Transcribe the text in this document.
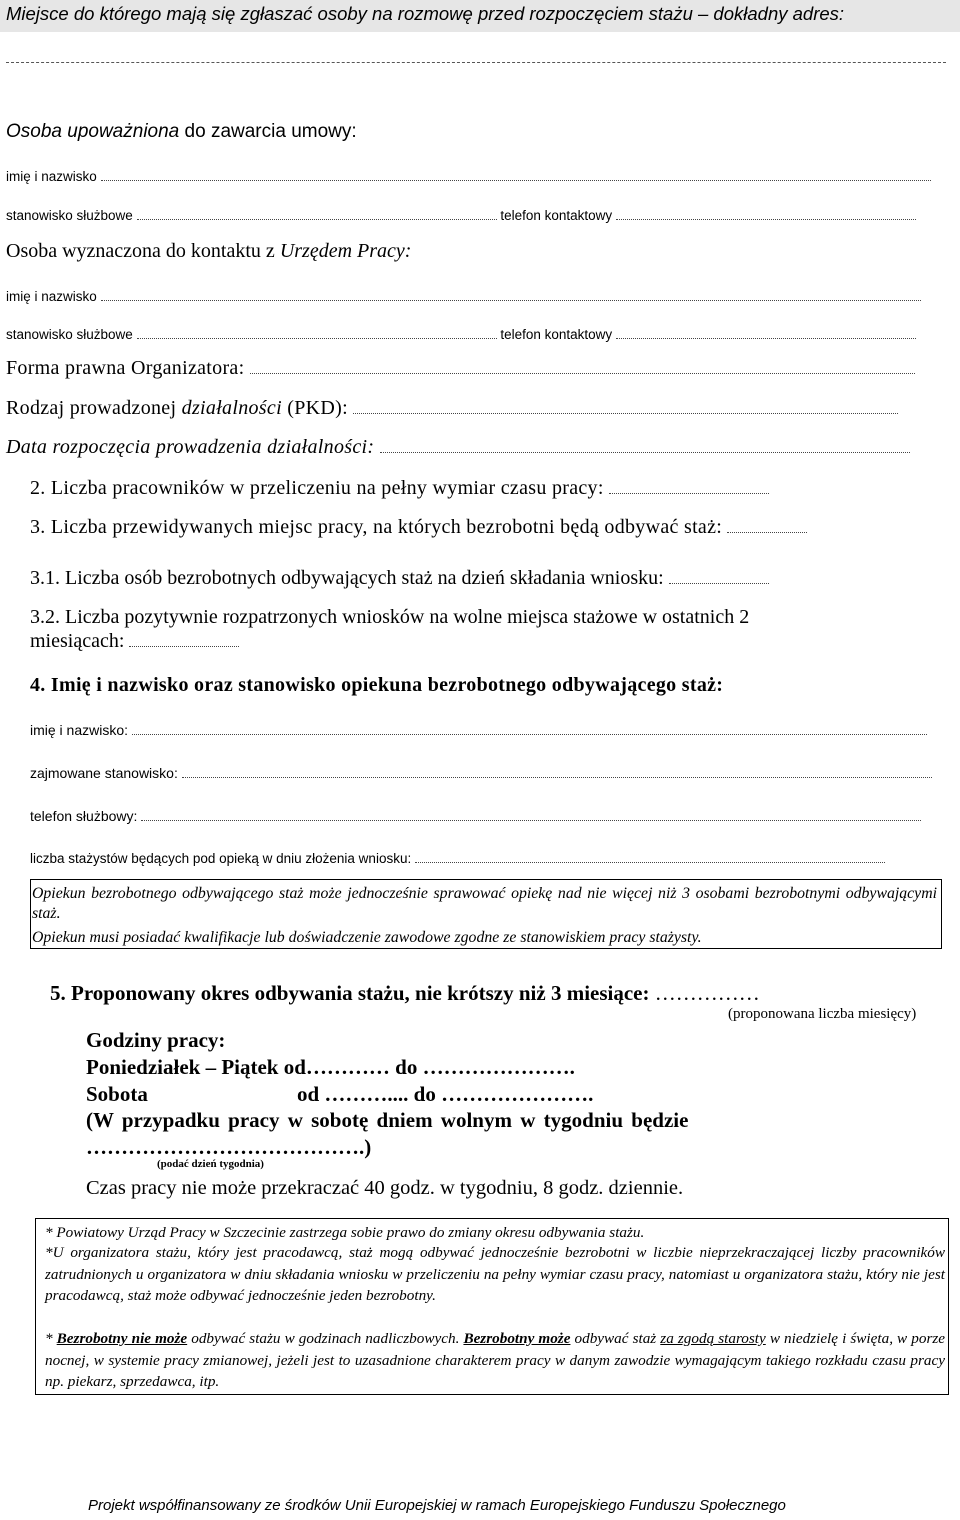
Miejsce do którego mają się zgłaszać osoby na rozmowę przed rozpoczęciem stażu – dokładny adres:
Osoba upoważniona do zawarcia umowy:
imię i nazwisko
stanowisko służbowe	telefon kontaktowy
Osoba wyznaczona do kontaktu z Urzędem Pracy:
imię i nazwisko
stanowisko służbowe	telefon kontaktowy
Forma prawna Organizatora:
Rodzaj prowadzonej działalności (PKD):
Data rozpoczęcia prowadzenia działalności:
2. Liczba pracowników w przeliczeniu na pełny wymiar czasu pracy:
3. Liczba przewidywanych miejsc pracy, na których bezrobotni będą odbywać staż:
3.1. Liczba osób bezrobotnych odbywających staż na dzień składania wniosku:
3.2. Liczba pozytywnie rozpatrzonych wniosków na wolne miejsca stażowe w ostatnich 2
miesiącach:
4. Imię i nazwisko oraz stanowisko opiekuna bezrobotnego odbywającego staż:
imię i nazwisko:
zajmowane stanowisko:
telefon służbowy:
liczba stażystów będących pod opieką w dniu złożenia wniosku:
Opiekun bezrobotnego odbywającego staż może jednocześnie sprawować opiekę nad nie więcej niż 3 osobami bezrobotnymi odbywającymi staż.
Opiekun musi posiadać kwalifikacje lub doświadczenie zawodowe zgodne ze stanowiskiem pracy stażysty.
5. Proponowany okres odbywania stażu, nie krótszy niż 3 miesiące: ……………
(proponowana liczba miesięcy)
Godziny pracy:
Poniedziałek – Piątek od………… do ………………….
Sobota	od ……….... do ………………….
(W przypadku pracy w sobotę dniem wolnym w tygodniu będzie
………………………………….)
(podać dzień tygodnia)
Czas pracy nie może przekraczać 40 godz. w tygodniu, 8 godz. dziennie.
* Powiatowy Urząd Pracy w Szczecinie zastrzega sobie prawo do zmiany okresu odbywania stażu.
*U organizatora stażu, który jest pracodawcą, staż mogą odbywać jednocześnie bezrobotni w liczbie nieprzekraczającej liczby pracowników zatrudnionych u organizatora w dniu składania wniosku w przeliczeniu na pełny wymiar czasu pracy, natomiast u organizatora stażu, który nie jest pracodawcą, staż może odbywać jednocześnie jeden bezrobotny.
* Bezrobotny nie może odbywać stażu w godzinach nadliczbowych. Bezrobotny może odbywać staż za zgodą starosty w niedzielę i święta, w porze nocnej, w systemie pracy zmianowej, jeżeli jest to uzasadnione charakterem pracy w danym zawodzie wymagającym takiego rozkładu czasu pracy np. piekarz, sprzedawca, itp.
Projekt współfinansowany ze środków Unii Europejskiej w ramach Europejskiego Funduszu Społecznego
